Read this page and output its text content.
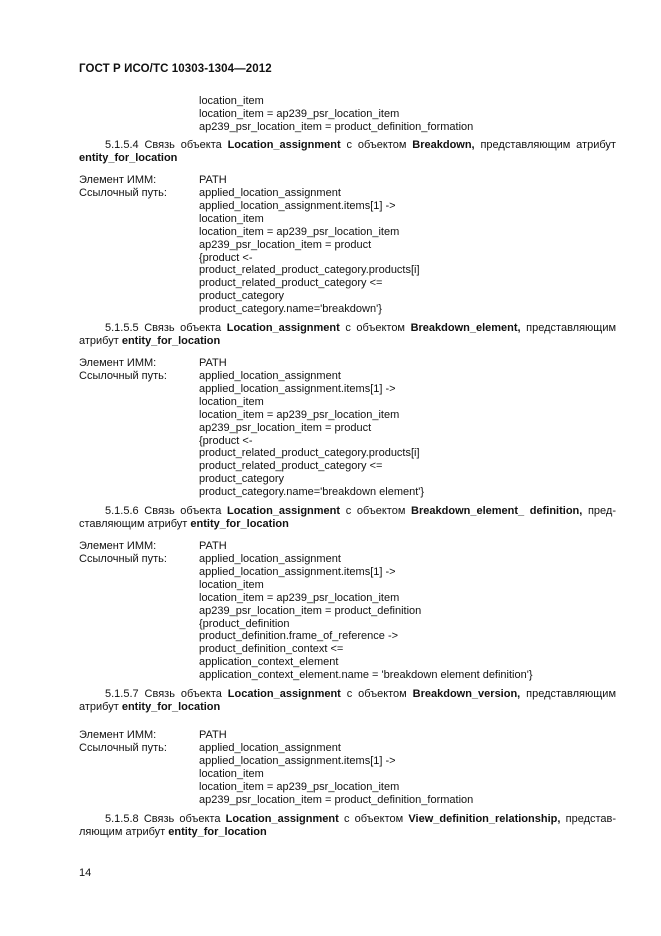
ГОСТ Р ИСО/ТС 10303-1304—2012
location_item
location_item = ap239_psr_location_item
ap239_psr_location_item = product_definition_formation
5.1.5.4 Связь объекта Location_assignment с объектом Breakdown, представляющим атрибут entity_for_location
Элемент ИММ:	PATH
Ссылочный путь:	applied_location_assignment
applied_location_assignment.items[1] ->
location_item
location_item = ap239_psr_location_item
ap239_psr_location_item = product
{product <-
product_related_product_category.products[i]
product_related_product_category <=
product_category
product_category.name='breakdown'}
5.1.5.5 Связь объекта Location_assignment с объектом Breakdown_element, представляющим атрибут entity_for_location
Элемент ИММ:	PATH
Ссылочный путь:	applied_location_assignment
applied_location_assignment.items[1] ->
location_item
location_item = ap239_psr_location_item
ap239_psr_location_item = product
{product <-
product_related_product_category.products[i]
product_related_product_category <=
product_category
product_category.name='breakdown element'}
5.1.5.6 Связь объекта Location_assignment с объектом Breakdown_element_ definition, пред-ставляющим атрибут entity_for_location
Элемент ИММ:	PATH
Ссылочный путь:	applied_location_assignment
applied_location_assignment.items[1] ->
location_item
location_item = ap239_psr_location_item
ap239_psr_location_item = product_definition
{product_definition
product_definition.frame_of_reference ->
product_definition_context <=
application_context_element
application_context_element.name = 'breakdown element definition'}
5.1.5.7 Связь объекта Location_assignment с объектом Breakdown_version, представляющим атрибут entity_for_location
Элемент ИММ:	PATH
Ссылочный путь:	applied_location_assignment
applied_location_assignment.items[1] ->
location_item
location_item = ap239_psr_location_item
ap239_psr_location_item = product_definition_formation
5.1.5.8 Связь объекта Location_assignment с объектом View_definition_relationship, представ-ляющим атрибут entity_for_location
14
